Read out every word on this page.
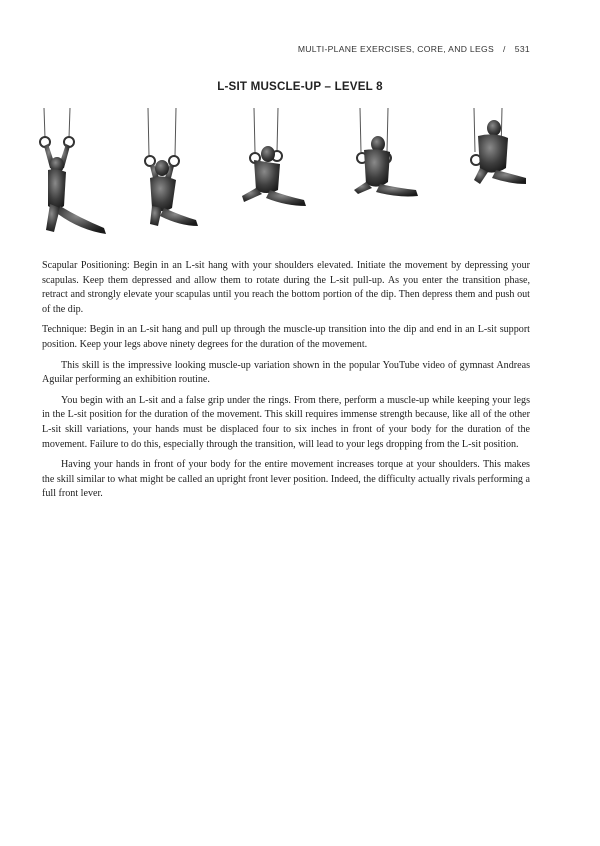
MULTI-PLANE EXERCISES, CORE, AND LEGS / 531
L-SIT MUSCLE-UP – LEVEL 8

Scapular Positioning: Begin in an L-sit hang with your shoulders elevated. Initiate the movement by depressing your scapulas. Keep them depressed and allow them to rotate during the L-sit pull-up. As you enter the transition phase, retract and strongly elevate your scapulas until you reach the bottom portion of the dip. Then depress them and push out of the dip.

Technique: Begin in an L-sit hang and pull up through the muscle-up transition into the dip and end in an L-sit support position. Keep your legs above ninety degrees for the duration of the movement.

This skill is the impressive looking muscle-up variation shown in the popular YouTube video of gymnast Andreas Aguilar performing an exhibition routine.

You begin with an L-sit and a false grip under the rings. From there, perform a muscle-up while keeping your legs in the L-sit position for the duration of the movement. This skill requires immense strength because, like all of the other L-sit skill variations, your hands must be displaced four to six inches in front of your body for the duration of the movement. Failure to do this, especially through the transition, will lead to your legs dropping from the L-sit position.

Having your hands in front of your body for the entire movement increases torque at your shoulders. This makes the skill similar to what might be called an upright front lever position. Indeed, the difficulty actually rivals performing a full front lever.
